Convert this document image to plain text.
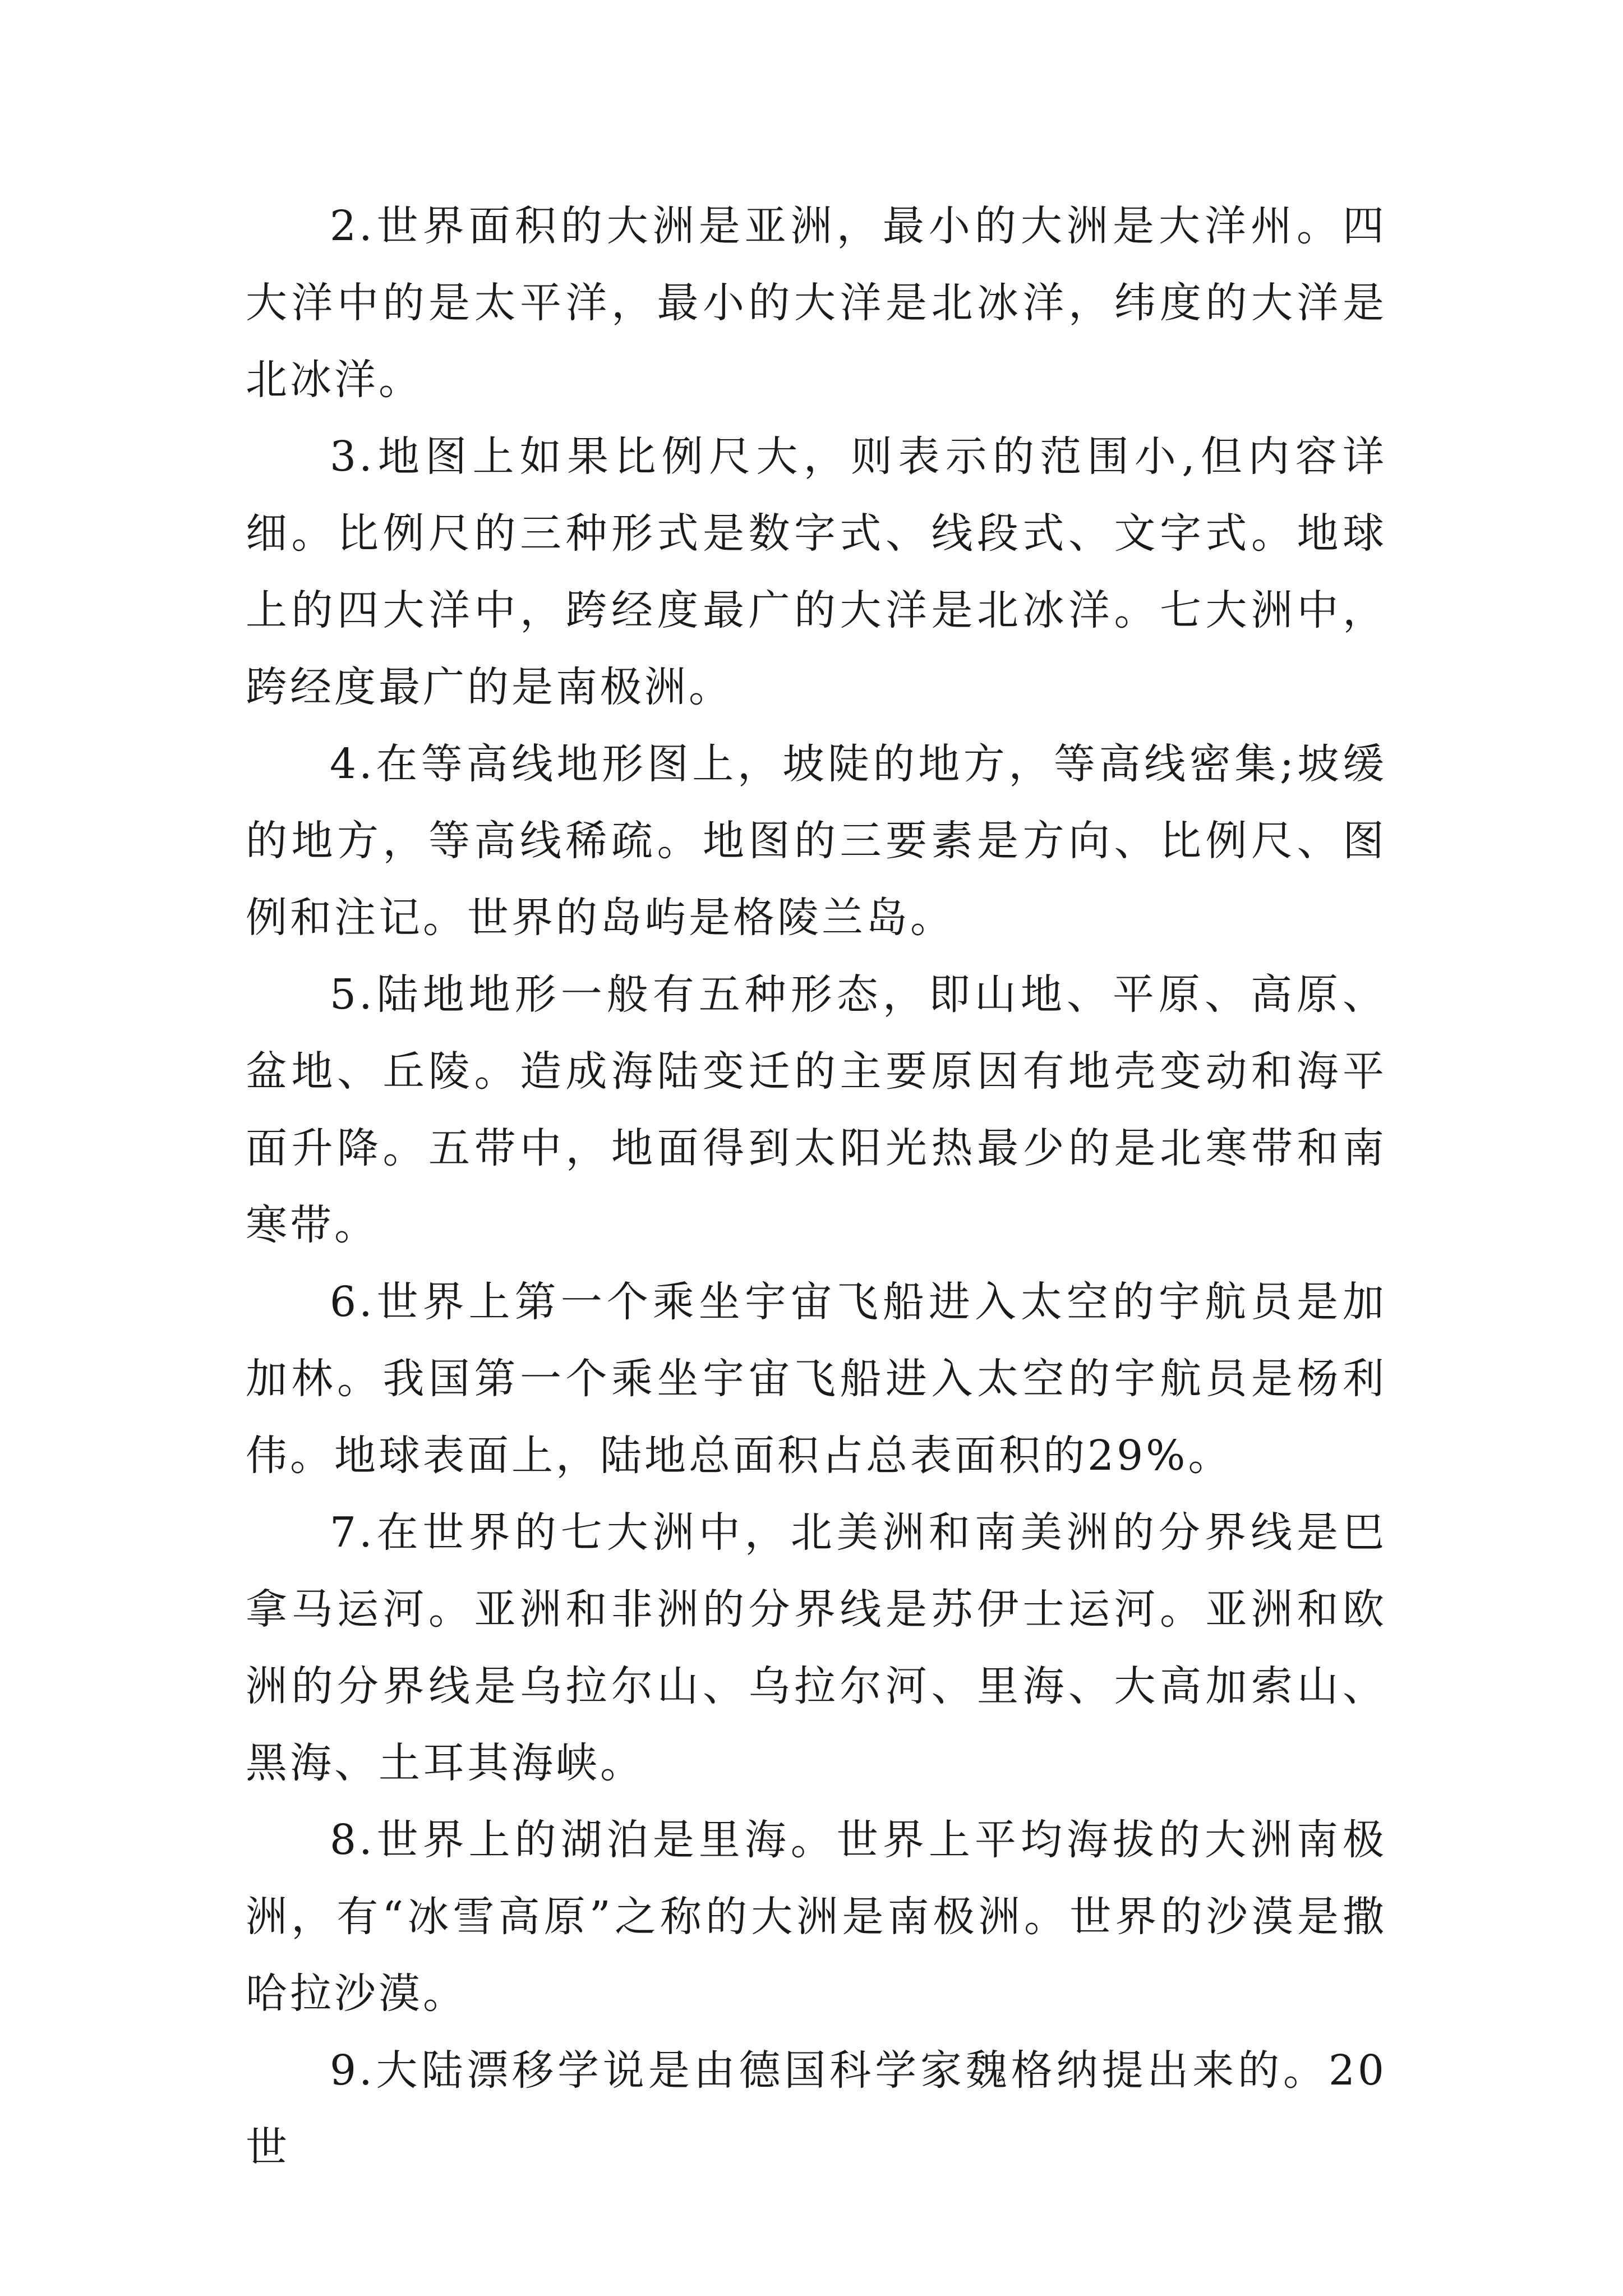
2.世界面积的大洲是亚洲，最小的大洲是大洋州。四大洋中的是太平洋，最小的大洋是北冰洋，纬度的大洋是北冰洋。

3.地图上如果比例尺大，则表示的范围小,但内容详细。比例尺的三种形式是数字式、线段式、文字式。地球上的四大洋中，跨经度最广的大洋是北冰洋。七大洲中，跨经度最广的是南极洲。

4.在等高线地形图上，坡陡的地方，等高线密集;坡缓的地方，等高线稀疏。地图的三要素是方向、比例尺、图例和注记。世界的岛屿是格陵兰岛。

5.陆地地形一般有五种形态，即山地、平原、高原、盆地、丘陵。造成海陆变迁的主要原因有地壳变动和海平面升降。五带中，地面得到太阳光热最少的是北寒带和南寒带。

6.世界上第一个乘坐宇宙飞船进入太空的宇航员是加加林。我国第一个乘坐宇宙飞船进入太空的宇航员是杨利伟。地球表面上，陆地总面积占总表面积的29%。

7.在世界的七大洲中，北美洲和南美洲的分界线是巴拿马运河。亚洲和非洲的分界线是苏伊士运河。亚洲和欧洲的分界线是乌拉尔山、乌拉尔河、里海、大高加索山、黑海、土耳其海峡。

8.世界上的湖泊是里海。世界上平均海拔的大洲南极洲，有“冰雪高原”之称的大洲是南极洲。世界的沙漠是撒哈拉沙漠。

9.大陆漂移学说是由德国科学家魏格纳提出来的。20世
